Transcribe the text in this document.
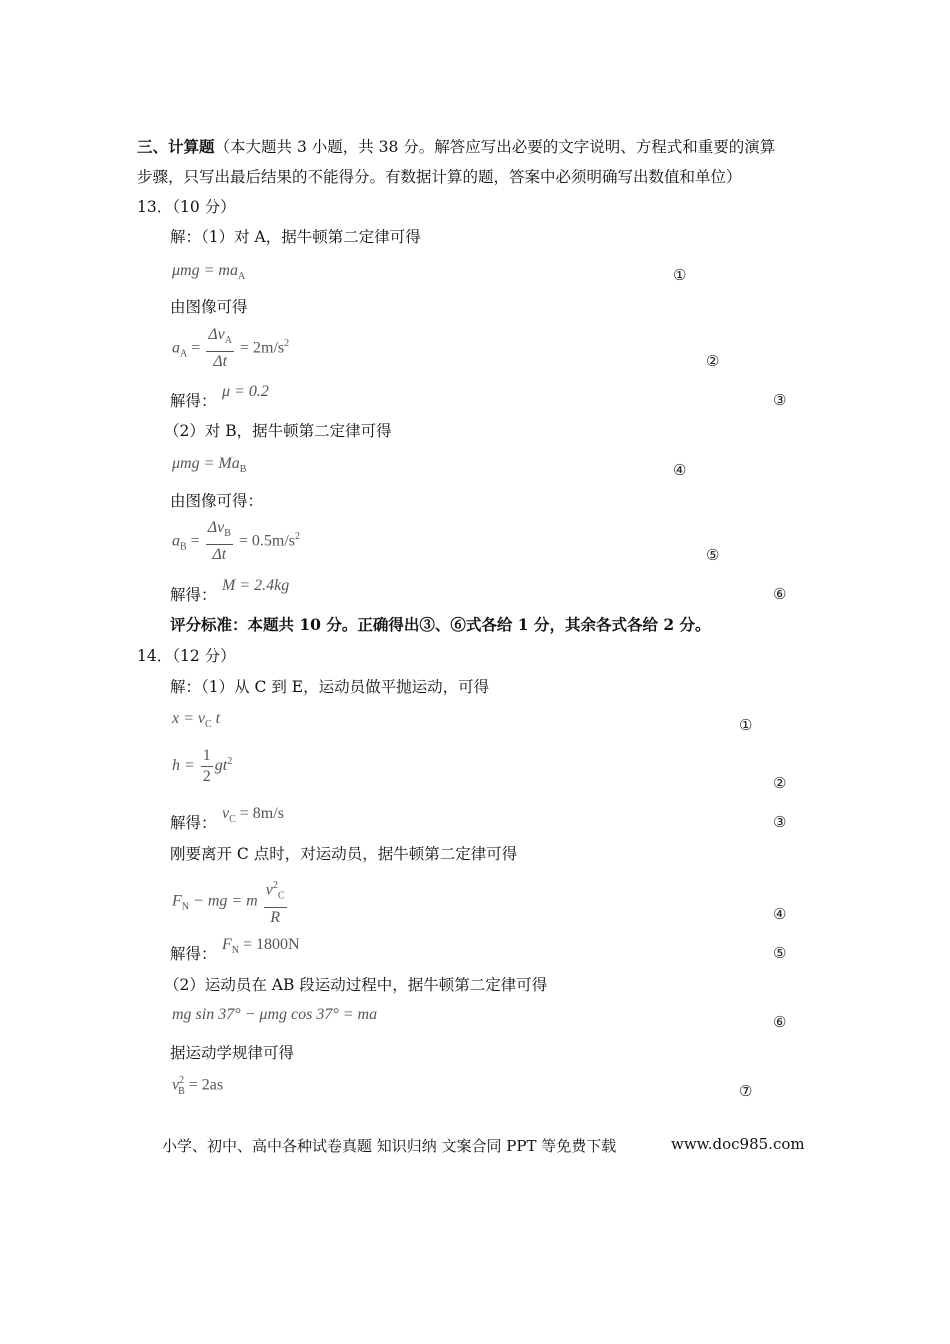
三、计算题（本大题共 3 小题，共 38 分。解答应写出必要的文字说明、方程式和重要的演算
步骤，只写出最后结果的不能得分。有数据计算的题，答案中必须明确写出数值和单位）
13．（10 分）
解：（1）对 A，据牛顿第二定律可得
$\mu mg = ma_A$	①
由图像可得
$a_A = \frac{\Delta v_A}{\Delta t} = 2m/s^2$
②
解得：
μ = 0.2	③
（2）对 B，据牛顿第二定律可得
$\mu mg = Ma_B$	④
由图像可得：
$a_B = \frac{\Delta v_B}{\Delta t} = 0.5m/s^2$
⑤
解得：
M = 2.4kg	⑥
评分标准：本题共 10 分。正确得出③、⑥式各给 1 分，其余各式各给 2 分。
14．（12 分）
解：（1）从 C 到 E，运动员做平抛运动，可得
$x = v_C$ t	①
$h = \frac{1}{2} gt^2$
②
解得：
$v_C = 8m/s$	③
刚要离开 C 点时，对运动员，据牛顿第二定律可得
$F_N$ − mg = m $\frac{v^2_C}{R}$	④
解得：
$F_N = 1800N$	⑤
（2）运动员在 AB 段运动过程中，据牛顿第二定律可得
mg sin 37° − μmg cos 37° = ma	⑥
据运动学规律可得
$v^2_B = 2as$	⑦
小学、初中、高中各种试卷真题 知识归纳 文案合同 PPT 等免费下载	www.doc985.com
